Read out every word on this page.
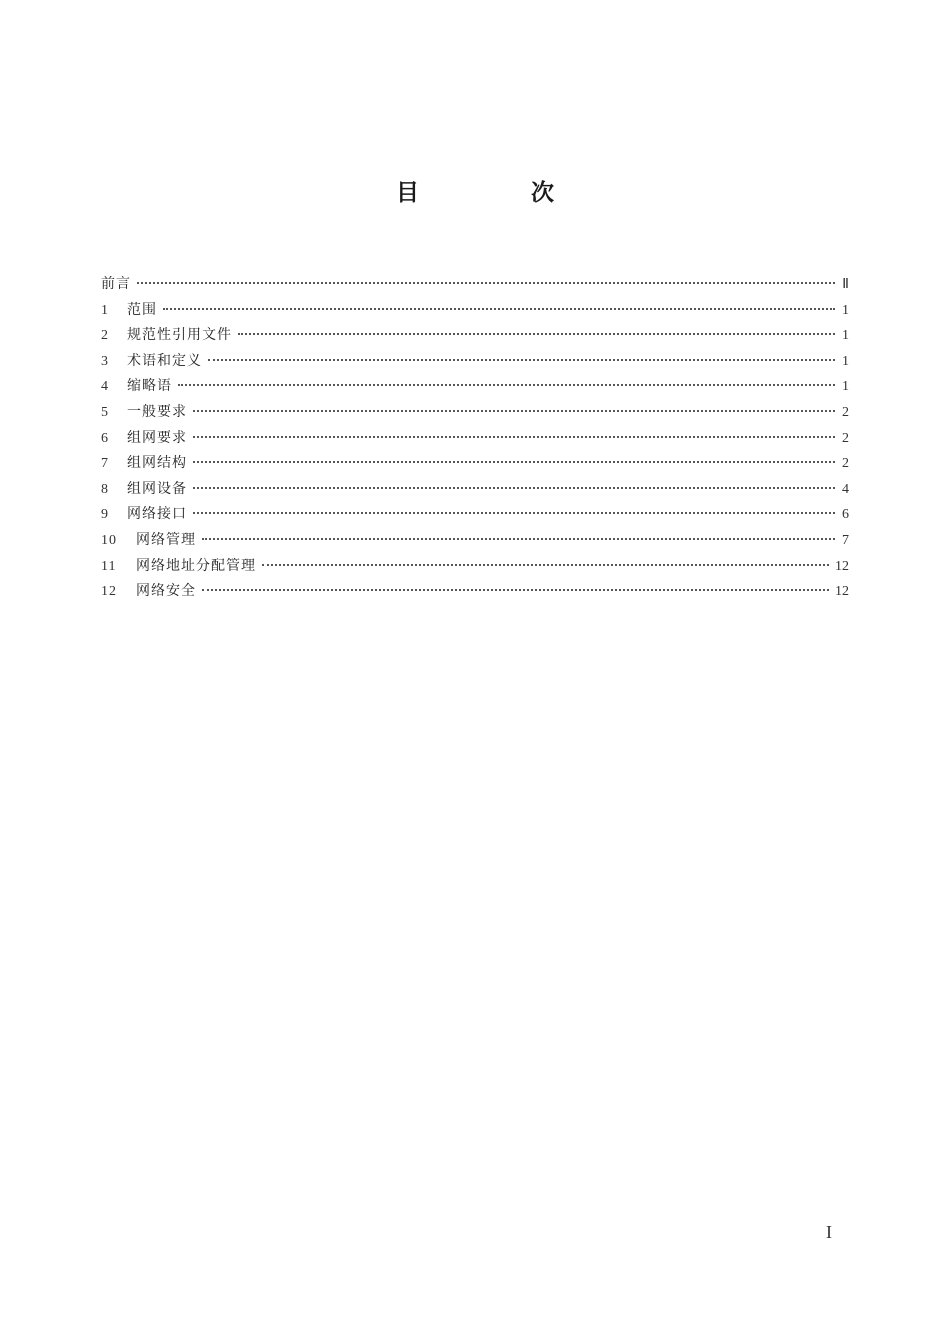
目 次
前言	Ⅱ
1	范围	1
2	规范性引用文件	1
3	术语和定义	1
4	缩略语	1
5	一般要求	2
6	组网要求	2
7	组网结构	2
8	组网设备	4
9	网络接口	6
10	网络管理	7
11	网络地址分配管理	12
12	网络安全	12
I
